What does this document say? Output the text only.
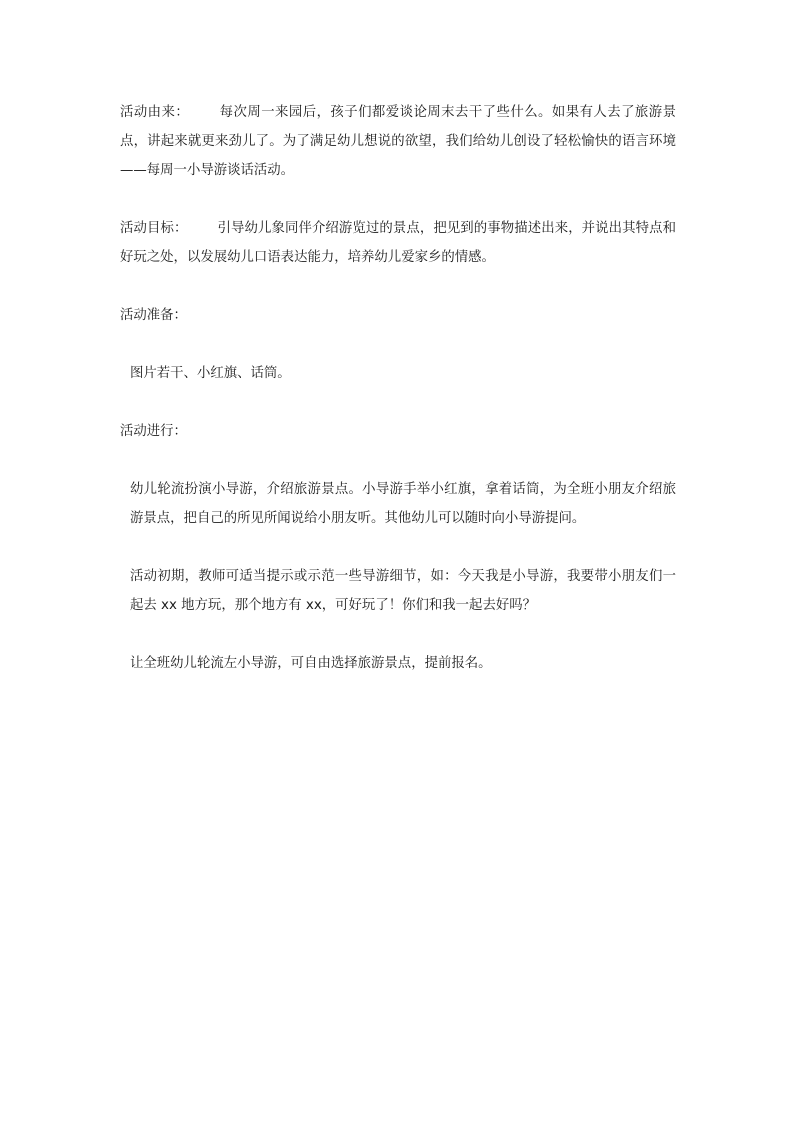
活动由来： 每次周一来园后，孩子们都爱谈论周末去干了些什么。如果有人去了旅游景点，讲起来就更来劲儿了。为了满足幼儿想说的欲望，我们给幼儿创设了轻松愉快的语言环境——每周一小导游谈话活动。

活动目标： 引导幼儿象同伴介绍游览过的景点，把见到的事物描述出来，并说出其特点和好玩之处，以发展幼儿口语表达能力，培养幼儿爱家乡的情感。

活动准备：

图片若干、小红旗、话筒。

活动进行：

幼儿轮流扮演小导游，介绍旅游景点。小导游手举小红旗，拿着话筒，为全班小朋友介绍旅游景点，把自己的所见所闻说给小朋友听。其他幼儿可以随时向小导游提问。

活动初期，教师可适当提示或示范一些导游细节，如：今天我是小导游，我要带小朋友们一起去 xx 地方玩，那个地方有 xx，可好玩了！你们和我一起去好吗？

让全班幼儿轮流左小导游，可自由选择旅游景点，提前报名。
